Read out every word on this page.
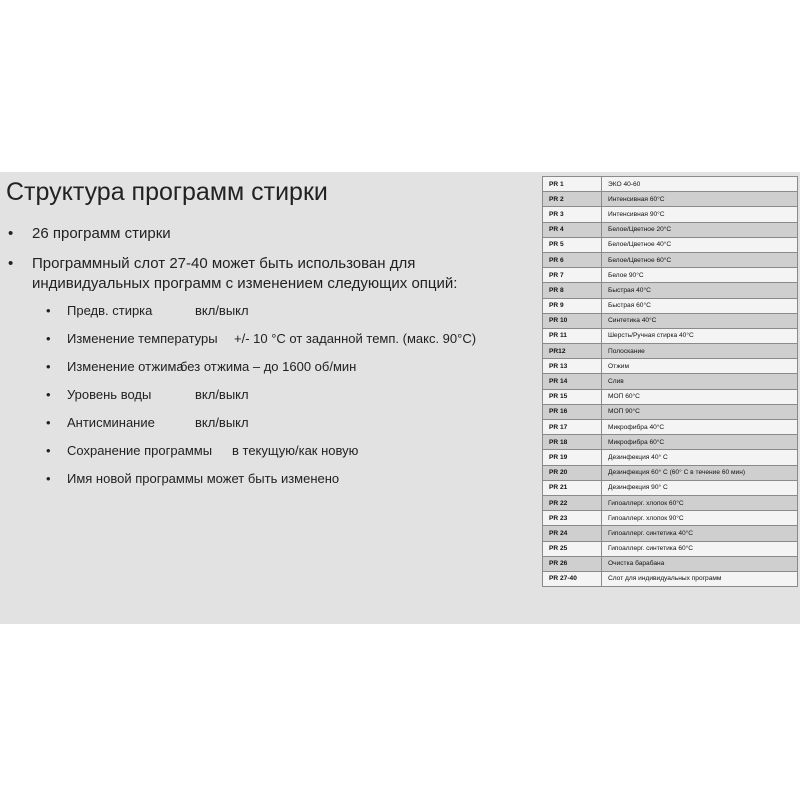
Структура программ стирки
• 26 программ стирки
• Программный слот 27-40 может быть использован для индивидуальных программ с изменением следующих опций:
• Предв. стирка	вкл/выкл
• Изменение температуры +/- 10 °C от заданной темп. (макс. 90°C)
• Изменение отжима
без отжима – до 1600 об/мин
• Уровень воды	вкл/выкл
• Антисминание	вкл/выкл
• Сохранение программы в текущую/как новую
• Имя новой программы может быть изменено
PR 1	ЭКО 40-60
PR 2	Интенсивная 60°C
PR 3	Интенсивная 90°C
PR 4	Белое/Цветное 20°C
PR 5	Белое/Цветное 40°C
PR 6	Белое/Цветное 60°C
PR 7	Белое 90°C
PR 8	Быстрая 40°C
PR 9	Быстрая 60°C
PR 10	Синтетика 40°C
PR 11	Шерсть/Ручная стирка 40°C
PR12	Полоскание
PR 13	Отжим
PR 14	Слив
PR 15	МОП 60°C
PR 16	МОП 90°C
PR 17	Микрофибра 40°C
PR 18	Микрофибра 60°C
PR 19	Дезинфекция 40° С
PR 20	Дезинфекция 60° С (60° С в течение 60 мин)
PR 21	Дезинфекция 90° С
PR 22	Гипоаллерг. хлопок 60°C
PR 23	Гипоаллерг. хлопок 90°C
PR 24	Гипоаллерг. синтетика 40°C
PR 25	Гипоаллерг. синтетика 60°C
PR 26	Очистка барабана
PR 27-40	Слот для индивидуальных программ
